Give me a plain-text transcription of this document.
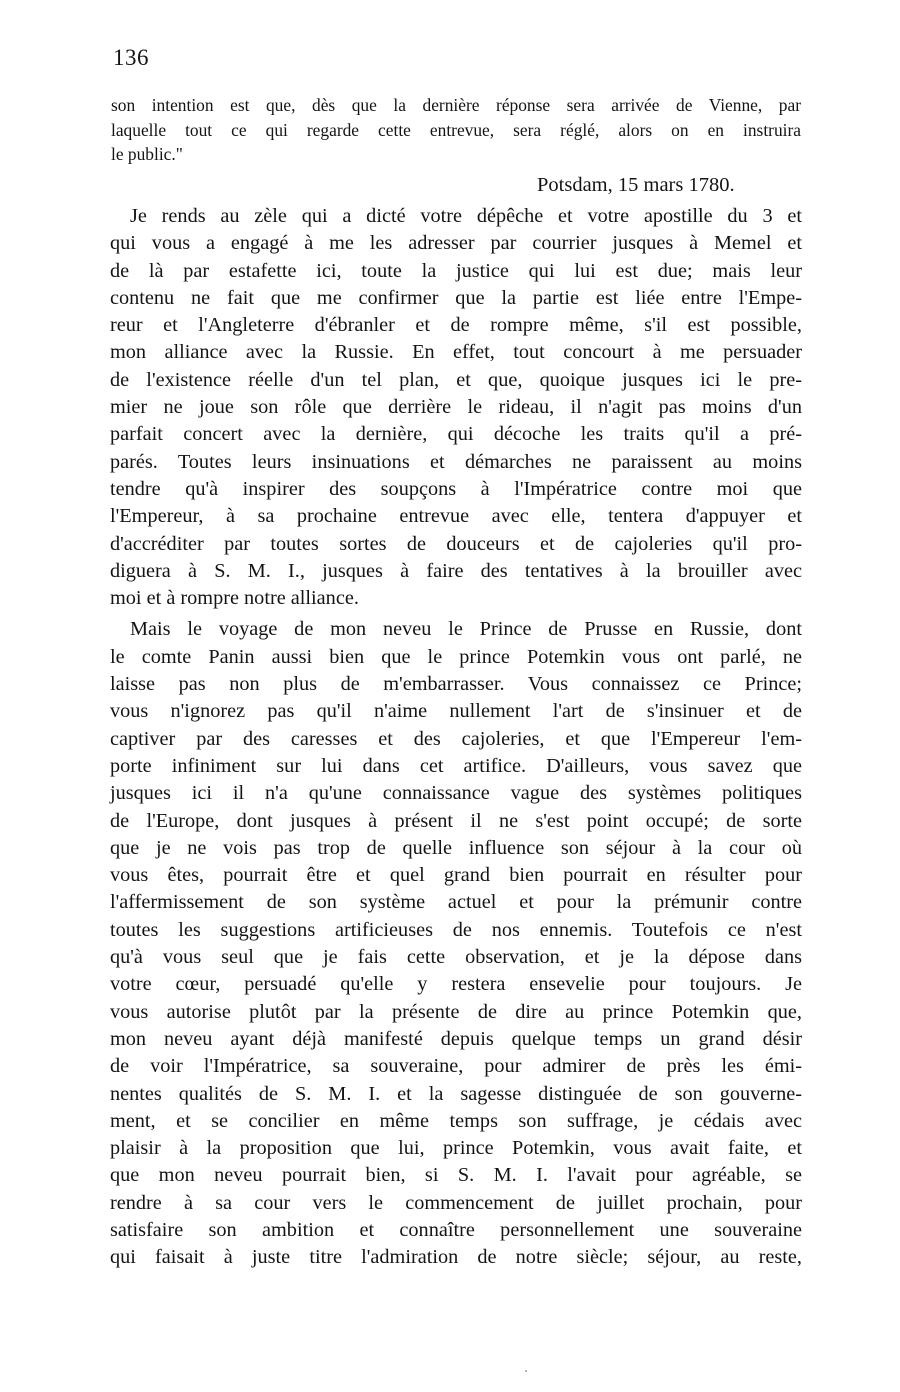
136
son intention est que, dès que la dernière réponse sera arrivée de Vienne, par
laquelle tout ce qui regarde cette entrevue, sera réglé, alors on en instruira
le public."
Potsdam, 15 mars 1780.
Je rends au zèle qui a dicté votre dépêche et votre apostille du 3 et
qui vous a engagé à me les adresser par courrier jusques à Memel et
de là par estafette ici, toute la justice qui lui est due; mais leur
contenu ne fait que me confirmer que la partie est liée entre l'Empe-
reur et l'Angleterre d'ébranler et de rompre même, s'il est possible,
mon alliance avec la Russie. En effet, tout concourt à me persuader
de l'existence réelle d'un tel plan, et que, quoique jusques ici le pre-
mier ne joue son rôle que derrière le rideau, il n'agit pas moins d'un
parfait concert avec la dernière, qui décoche les traits qu'il a pré-
parés. Toutes leurs insinuations et démarches ne paraissent au moins
tendre qu'à inspirer des soupçons à l'Impératrice contre moi que
l'Empereur, à sa prochaine entrevue avec elle, tentera d'appuyer et
d'accréditer par toutes sortes de douceurs et de cajoleries qu'il pro-
diguera à S. M. I., jusques à faire des tentatives à la brouiller avec
moi et à rompre notre alliance.
Mais le voyage de mon neveu le Prince de Prusse en Russie, dont
le comte Panin aussi bien que le prince Potemkin vous ont parlé, ne
laisse pas non plus de m'embarrasser. Vous connaissez ce Prince;
vous n'ignorez pas qu'il n'aime nullement l'art de s'insinuer et de
captiver par des caresses et des cajoleries, et que l'Empereur l'em-
porte infiniment sur lui dans cet artifice. D'ailleurs, vous savez que
jusques ici il n'a qu'une connaissance vague des systèmes politiques
de l'Europe, dont jusques à présent il ne s'est point occupé; de sorte
que je ne vois pas trop de quelle influence son séjour à la cour où
vous êtes, pourrait être et quel grand bien pourrait en résulter pour
l'affermissement de son système actuel et pour la prémunir contre
toutes les suggestions artificieuses de nos ennemis. Toutefois ce n'est
qu'à vous seul que je fais cette observation, et je la dépose dans
votre cœur, persuadé qu'elle y restera ensevelie pour toujours. Je
vous autorise plutôt par la présente de dire au prince Potemkin que,
mon neveu ayant déjà manifesté depuis quelque temps un grand désir
de voir l'Impératrice, sa souveraine, pour admirer de près les émi-
nentes qualités de S. M. I. et la sagesse distinguée de son gouverne-
ment, et se concilier en même temps son suffrage, je cédais avec
plaisir à la proposition que lui, prince Potemkin, vous avait faite, et
que mon neveu pourrait bien, si S. M. I. l'avait pour agréable, se
rendre à sa cour vers le commencement de juillet prochain, pour
satisfaire son ambition et connaître personnellement une souveraine
qui faisait à juste titre l'admiration de notre siècle; séjour, au reste,
